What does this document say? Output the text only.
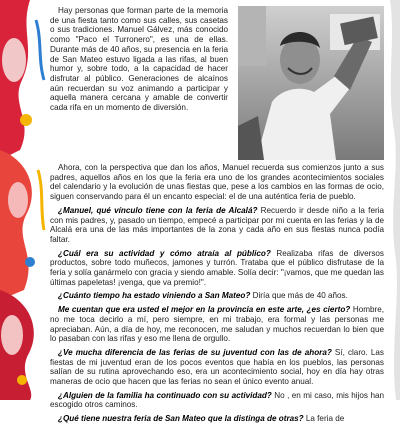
Hay personas que forman parte de la memoria de una fiesta tanto como sus calles, sus casetas o sus tradiciones. Manuel Gálvez, más conocido como "Paco el Turronero", es una de ellas. Durante más de 40 años, su presencia en la feria de San Mateo estuvo ligada a las rifas, al buen humor y, sobre todo, a la capacidad de hacer disfrutar al público. Generaciones de alcaínos aún recuerdan su voz animando a participar y aquella manera cercana y amable de convertir cada rifa en un momento de diversión.

Ahora, con la perspectiva que dan los años, Manuel recuerda sus comienzos junto a sus padres, aquellos años en los que la feria era uno de los grandes acontecimientos sociales del calendario y la evolución de unas fiestas que, pese a los cambios en las formas de ocio, siguen conservando para él un encanto especial: el de una auténtica feria de pueblo.

¿Manuel, qué vínculo tiene con la feria de Alcalá? Recuerdo ir desde niño a la feria con mis padres, y, pasado un tiempo, empecé a participar por mi cuenta en las ferias y la de Alcalá era una de las más importantes de la zona y cada año en sus fiestas nunca podía faltar.

¿Cuál era su actividad y cómo atraía al público? Realizaba rifas de diversos productos, sobre todo muñecos, jamones y turrón. Trataba que el público disfrutase de la feria y solía ganármelo con gracia y siendo amable. Solía decir: "¡vamos, que me quedan las últimas papeletas! ¡venga, que va premio!".

¿Cuánto tiempo ha estado viniendo a San Mateo? Diría que más de 40 años.

Me cuentan que era usted el mejor en la provincia en este arte, ¿es cierto? Hombre, no me toca decirlo a mí, pero siempre, en mi trabajo, era formal y las personas me apreciaban. Aún, a día de hoy, me reconocen, me saludan y muchos recuerdan lo bien que lo pasaban con las rifas y eso me llena de orgullo.

¿Ve mucha diferencia de las ferias de su juventud con las de ahora? Sí, claro. Las fiestas de mi juventud eran de los pocos eventos que había en los pueblos, las personas salían de su rutina aprovechando eso, era un acontecimiento social, hoy en día hay otras maneras de ocio que hacen que las ferias no sean el único evento anual.

¿Alguien de la familia ha continuado con su actividad? No , en mi caso, mis hijos han escogido otros caminos.

¿Qué tiene nuestra feria de San Mateo que la distinga de otras? La feria de
